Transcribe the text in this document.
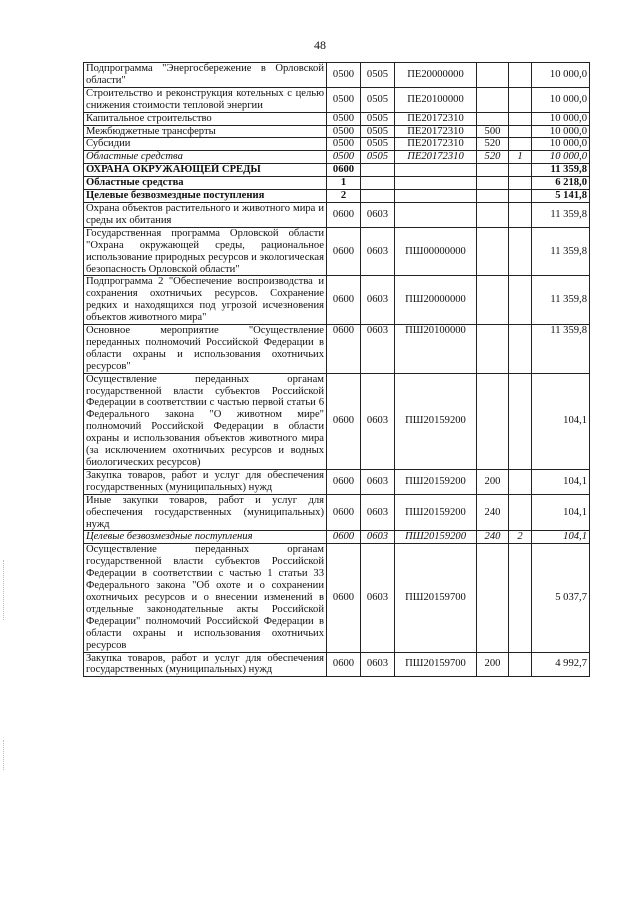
48
Подпрограмма "Энергосбережение в Орловской области"	0500	0505	ПЕ20000000			10 000,0
Строительство и реконструкция котельных с целью снижения стоимости тепловой энергии	0500	0505	ПЕ20100000			10 000,0
Капитальное строительство	0500	0505	ПЕ20172310			10 000,0
Межбюджетные трансферты	0500	0505	ПЕ20172310	500		10 000,0
Субсидии	0500	0505	ПЕ20172310	520		10 000,0
Областные средства	0500	0505	ПЕ20172310	520	1	10 000,0
ОХРАНА ОКРУЖАЮЩЕЙ СРЕДЫ	0600					11 359,8
Областные средства	1					6 218,0
Целевые безвозмездные поступления	2					5 141,8
Охрана объектов растительного и животного мира и среды их обитания	0600	0603				11 359,8
Государственная программа Орловской области "Охрана окружающей среды, рациональное использование природных ресурсов и экологическая безопасность Орловской области"	0600	0603	ПШ00000000			11 359,8
Подпрограмма 2 "Обеспечение воспроизводства и сохранения охотничьих ресурсов. Сохранение редких и находящихся под угрозой исчезновения объектов животного мира"	0600	0603	ПШ20000000			11 359,8
Основное мероприятие "Осуществление переданных полномочий Российской Федерации в области охраны и использования охотничьих ресурсов"	0600	0603	ПШ20100000			11 359,8
Осуществление переданных органам государственной власти субъектов Российской Федерации в соответствии с частью первой статьи 6 Федерального закона "О животном мире" полномочий Российской Федерации в области охраны и использования объектов животного мира (за исключением охотничьих ресурсов и водных биологических ресурсов)	0600	0603	ПШ20159200			104,1
Закупка товаров, работ и услуг для обеспечения государственных (муниципальных) нужд	0600	0603	ПШ20159200	200		104,1
Иные закупки товаров, работ и услуг для обеспечения государственных (муниципальных) нужд	0600	0603	ПШ20159200	240		104,1
Целевые безвозмездные поступления	0600	0603	ПШ20159200	240	2	104,1
Осуществление переданных органам государственной власти субъектов Российской Федерации в соответствии с частью 1 статьи 33 Федерального закона "Об охоте и о сохранении охотничьих ресурсов и о внесении изменений в отдельные законодательные акты Российской Федерации" полномочий Российской Федерации в области охраны и использования охотничьих ресурсов	0600	0603	ПШ20159700			5 037,7
Закупка товаров, работ и услуг для обеспечения государственных (муниципальных) нужд	0600	0603	ПШ20159700	200		4 992,7
